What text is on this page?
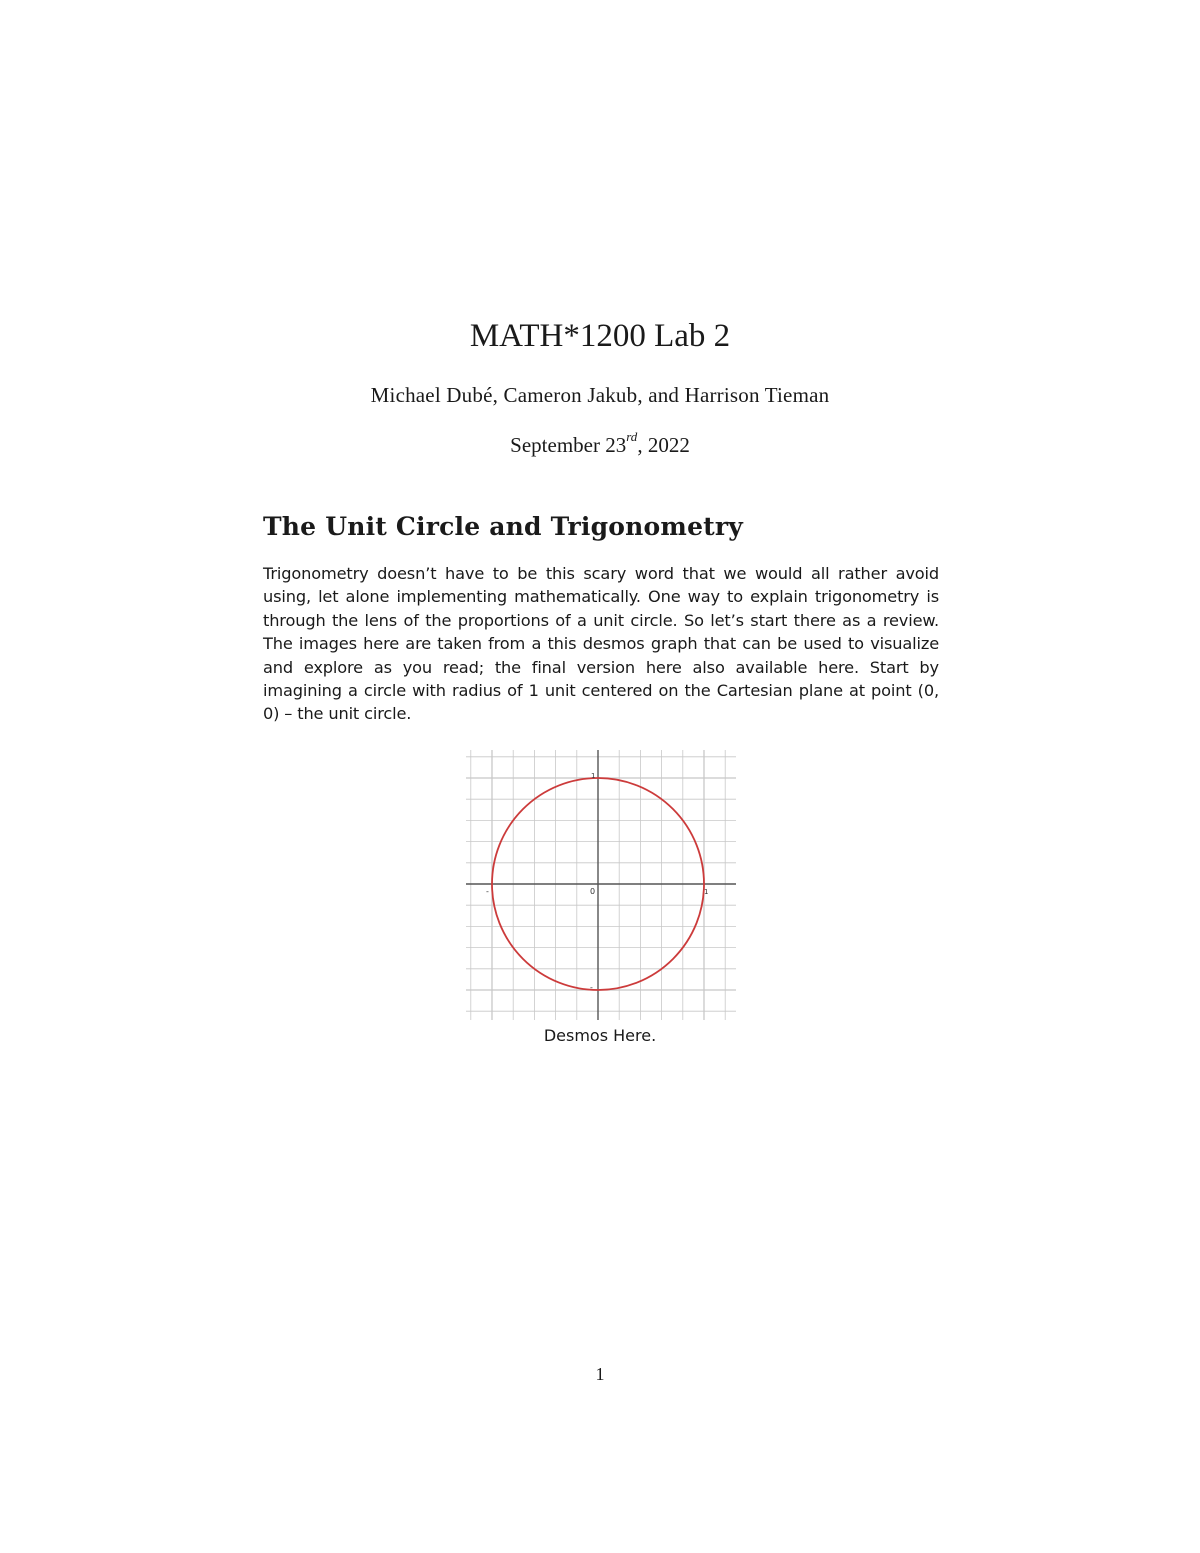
MATH*1200 Lab 2
Michael Dubé, Cameron Jakub, and Harrison Tieman
September 23rd, 2022
The Unit Circle and Trigonometry
Trigonometry doesn’t have to be this scary word that we would all rather avoid using, let alone implementing mathematically. One way to explain trigonometry is through the lens of the proportions of a unit circle. So let’s start there as a review. The images here are taken from a this desmos graph that can be used to visualize and explore as you read; the final version here also available here. Start by imagining a circle with radius of 1 unit centered on the Cartesian plane at point (0, 0) – the unit circle.
0
-	1
1
-
Desmos Here.
1
